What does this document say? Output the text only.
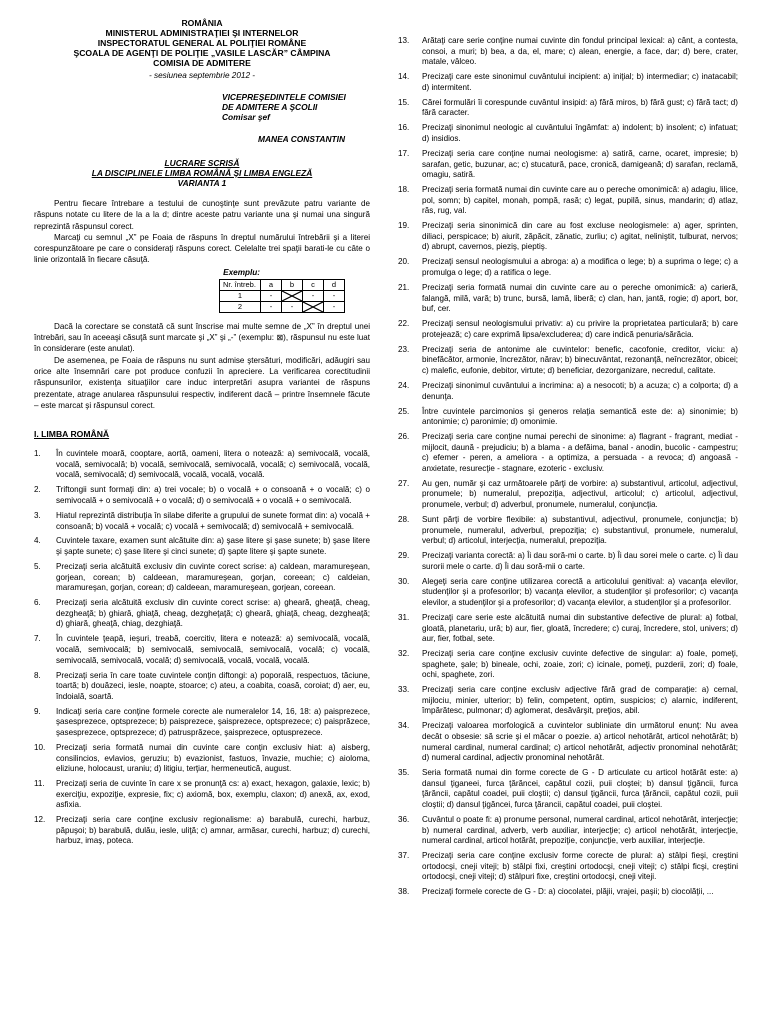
ROMÂNIA
MINISTERUL ADMINISTRAŢIEI ŞI INTERNELOR
INSPECTORATUL GENERAL AL POLIŢIEI ROMÂNE
ŞCOALA DE AGENŢI DE POLIŢIE „VASILE LASCĂR” CÂMPINA
COMISIA DE ADMITERE
- sesiunea septembrie 2012 -
VICEPREŞEDINTELE COMISIEI
DE ADMITERE A ŞCOLII
Comisar şef
MANEA CONSTANTIN
LUCRARE SCRISĂ
LA DISCIPLINELE LIMBA ROMÂNĂ ŞI LIMBA ENGLEZĂ
VARIANTA 1

Pentru fiecare întrebare a testului de cunoştinţe sunt prevăzute patru variante de răspuns notate cu litere de la a la d; dintre aceste patru variante una şi numai una singură reprezintă răspunsul corect.

Marcaţi cu semnul „X” pe Foaia de răspuns în dreptul numărului întrebării şi a literei corespunzătoare pe care o consideraţi răspuns corect. Celelalte trei spaţii barati-le cu câte o linie orizontală în fiecare căsuţă.

Exemplu:
Nr. întreb.	a	b	c	d
1	-		-	-
2	-	-		-

Dacă la corectare se constată că sunt înscrise mai multe semne de „X” în dreptul unei întrebări, sau în aceeaşi căsuţă sunt marcate şi „X” şi „-” (exemplu: ⊠), răspunsul nu este luat în considerare (este anulat).

De asemenea, pe Foaia de răspuns nu sunt admise ştersături, modificări, adăugiri sau orice alte însemnări care pot produce confuzii în apreciere. La verificarea corectitudinii răspunsurilor, existenţa situaţiilor care induc interpretări asupra variantei de răspuns prezentate, atrage anularea răspunsului respectiv, indiferent dacă – printre însemnele făcute – este marcat şi răspunsul corect.

I. LIMBA ROMÂNĂ
1. În cuvintele moară, cooptare, aortă, oameni, litera o notează: a) semivocală, vocală, vocală, semivocală; b) vocală, semivocală, semivocală, vocală; c) semivocală, vocală, vocală, semivocală; d) semivocală, vocală, vocală, vocală.
2. Triftongii sunt formaţi din: a) trei vocale; b) o vocală + o consoană + o vocală; c) o semivocală + o semivocală + o vocală; d) o semivocală + o vocală + o semivocală.
3. Hiatul reprezintă distribuţia în silabe diferite a grupului de sunete format din: a) vocală + consoană; b) vocală + vocală; c) vocală + semivocală; d) semivocală + semivocală.
4. Cuvintele taxare, examen sunt alcătuite din: a) şase litere şi şase sunete; b) şase litere şi şapte sunete; c) şase litere şi cinci sunete; d) şapte litere şi şapte sunete.
5. Precizaţi seria alcătuită exclusiv din cuvinte corect scrise: a) caldean, maramureşean, gorjean, corean; b) caldeean, maramureşean, gorjan, coreean; c) caldeian, maramureşan, gorjan, corean; d) caldeean, maramureşean, gorjean, coreean.
6. Precizaţi seria alcătuită exclusiv din cuvinte corect scrise: a) gheară, gheaţă, cheag, dezgheaţă; b) ghiară, ghiaţă, cheag, dezgheţaţă; c) gheară, ghiaţă, cheag, dezgheaţă; d) ghiară, gheaţă, chiag, dezghiaţă.
7. În cuvintele ţeapă, ieşuri, treabă, coercitiv, litera e notează: a) semivocală, vocală, vocală, semivocală; b) semivocală, semivocală, semivocală, vocală; c) vocală, semivocală, semivocală, vocală; d) semivocală, vocală, vocală, vocală.
8. Precizaţi seria în care toate cuvintele conţin diftongi: a) poporală, respectuos, tăciune, toartă; b) douăzeci, iesle, noapte, stoarce; c) ateu, a coabita, coasă, coroiat; d) aer, eu, îndoială, soartă.
9. Indicaţi seria care conţine formele corecte ale numeralelor 14, 16, 18: a) paisprezece, şasesprezece, optsprezece; b) paisprezece, şaisprezece, optsprezece; c) paisprăzece, şasesprezece, optsprezece; d) patrusprăzece, şaisprezece, optusprezece.
10. Precizaţi seria formată numai din cuvinte care conţin exclusiv hiat: a) aisberg, consilincios, evlavios, geruziu; b) evazionist, fastuos, învazie, muchie; c) aioloma, eliziune, holocaust, uraniu; d) litigiu, terţiar, hermeneutică, august.
11. Precizaţi seria de cuvinte în care x se pronunţă cs: a) exact, hexagon, galaxie, lexic; b) exerciţiu, expoziţie, expresie, fix; c) axiomă, box, exemplu, claxon; d) anexă, ax, exod, asfixia.
12. Precizaţi seria care conţine exclusiv regionalisme: a) barabulă, curechi, harbuz, păpuşoi; b) barabulă, dulău, iesle, uliţă; c) amnar, armăsar, curechi, harbuz; d) curechi, harbuz, imaş, poteca.
13. Arătaţi care serie conţine numai cuvinte din fondul principal lexical: a) cânt, a contesta, consoi, a muri; b) bea, a da, el, mare; c) alean, energie, a face, dar; d) bere, crater, matale, vâlceo.
14. Precizaţi care este sinonimul cuvântului incipient: a) iniţial; b) intermediar; c) inatacabil; d) intermitent.
15. Cărei formulări îi corespunde cuvântul insipid: a) fără miros, b) fără gust; c) fără tact; d) fără caracter.
16. Precizaţi sinonimul neologic al cuvântului îngâmfat: a) indolent; b) insolent; c) infatuat; d) insidios.
17. Precizaţi seria care conţine numai neologisme: a) satiră, carne, ocaret, impresie; b) sarafan, getic, buzunar, ac; c) stucatură, pace, cronică, damigeană; d) sarafan, reclamă, omagiu, satiră.
18. Precizaţi seria formată numai din cuvinte care au o pereche omonimică: a) adagiu, lilice, pol, somn; b) capitel, monah, pompă, rasă; c) legat, pupilă, sinus, mandarin; d) atlaz, răs, rug, val.
19. Precizaţi seria sinonimică din care au fost excluse neologismele: a) ager, sprinten, diliaci, perspicace; b) aiurit, zăpăcit, zănatic, zurliu; c) agitat, neliniştit, tulburat, nervos; d) abrupt, cavernos, pieziş, pieptiş.
20. Precizaţi sensul neologismului a abroga: a) a modifica o lege; b) a suprima o lege; c) a promulga o lege; d) a ratifica o lege.
21. Precizaţi seria formată numai din cuvinte care au o pereche omonimică: a) carieră, falangă, milă, vară; b) trunc, bursă, lamă, liberă; c) clan, han, jantă, rogie; d) aport, bor, buf, cer.
22. Precizaţi sensul neologismului privativ: a) cu privire la proprietatea particulară; b) care protejează; c) care exprimă lipsa/excluderea; d) care indică penuria/sărăcia.
23. Precizaţi seria de antonime ale cuvintelor: benefic, cacofonie, creditor, viciu: a) binefăcător, armonie, încrezător, nărav; b) binecuvântat, rezonanţă, neîncrezător, obicei; c) malefic, eufonie, debitor, virtute; d) beneficiar, dezorganizare, necredul, calitate.
24. Precizaţi sinonimul cuvântului a incrimina: a) a nesocoti; b) a acuza; c) a colporta; d) a denunţa.
25. Între cuvintele parcimonios şi generos relaţia semantică este de: a) sinonimie; b) antonimie; c) paronimie; d) omonimie.
26. Precizaţi seria care conţine numai perechi de sinonime: a) flagrant - fragrant, mediat - mijlocit, daună - prejudiciu; b) a blama - a defăima, banal - anodin, bucolic - campestru; c) efemer - peren, a ameliora - a optimiza, a persuada - a revoca; d) angoasă - anxietate, resurecţie - stagnare, ezoteric - exclusiv.
27. Au gen, număr şi caz următoarele părţi de vorbire: a) substantivul, articolul, adjectivul, pronumele; b) numeralul, prepoziţia, adjectivul, articolul; c) articolul, adjectivul, pronumele, verbul; d) adverbul, pronumele, numeralul, conjuncţia.
28. Sunt părţi de vorbire flexibile: a) substantivul, adjectivul, pronumele, conjuncţia; b) pronumele, numeralul, adverbul, prepoziţia; c) substantivul, pronumele, numeralul, verbul; d) articolul, interjecţia, numeralul, prepoziţia.
29. Precizaţi varianta corectă: a) Îi dau soră-mi o carte. b) Îi dau sorei mele o carte. c) Îi dau surorii mele o carte. d) Îi dau soră-mii o carte.
30. Alegeţi seria care conţine utilizarea corectă a articolului genitival: a) vacanţa elevilor, studenţilor şi a profesorilor; b) vacanţa elevilor, a studenţilor şi profesorilor; c) vacanţa elevilor, a studenţilor şi a profesorilor; d) vacanţa elevilor, a studenţilor şi a profesorilor.
31. Precizaţi care serie este alcătuită numai din substantive defective de plural: a) fotbal, gloată, planetariu, urâ; b) aur, fier, gloată, încredere; c) curaj, încredere, stol, univers; d) aur, fier, fotbal, sete.
32. Precizaţi seria care conţine exclusiv cuvinte defective de singular: a) foale, pomeţi, spaghete, şale; b) bineale, ochi, zoaie, zori; c) icinale, pomeţi, puzderii, zori; d) foale, ochi, spaghete, zori.
33. Precizaţi seria care conţine exclusiv adjective fără grad de comparaţie: a) cernal, mijlociu, minier, ulterior; b) felin, competent, optim, suspicios; c) alarnic, indiferent, împărătesc, pulmonar; d) aglomerat, desăvârşit, preţios, abil.
34. Precizaţi valoarea morfologică a cuvintelor subliniate din următorul enunţ: Nu avea decât o obsesie: să scrie şi el măcar o poezie. a) articol nehotărât, articol nehotărât; b) numeral cardinal, numeral cardinal; c) articol nehotărât, adjectiv pronominal nehotărât; d) numeral cardinal, adjectiv pronominal nehotărât.
35. Seria formată numai din forme corecte de G - D articulate cu articol hotărât este: a) dansul ţiganeei, furca ţărăncei, capătul cozii, puii cloştei; b) dansul ţigăncii, furca ţărăncii, capătul coadei, puii cloştii; c) dansul ţigăncii, furca ţărăncii, capătul cozii, puii cloştii; d) dansul ţigăncei, furca ţărancii, capătul coadei, puii cloştei.
36. Cuvântul o poate fi: a) pronume personal, numeral cardinal, articol nehotărât, interjecţie; b) numeral cardinal, adverb, verb auxiliar, interjecţie; c) articol nehotărât, interjecţie, numeral cardinal, articol hotărât, prepoziţie, conjuncţie, verb auxiliar, interjecţie.
37. Precizaţi seria care conţine exclusiv forme corecte de plural: a) stâlpi fieşi, creştini ortodocşi, cneji viteji; b) stâlpi fixi, creştini ortodocşi, cneji viteji; c) stâlpi ficşi, creştini ortodocşi, cneji viteji; d) stâlpuri fixe, creştini ortodocşi, cneji viteji.
38. Precizaţi formele corecte de G - D: a) ciocolatei, plăjii, vrajei, paşii; b) ciocolăţii, ...
